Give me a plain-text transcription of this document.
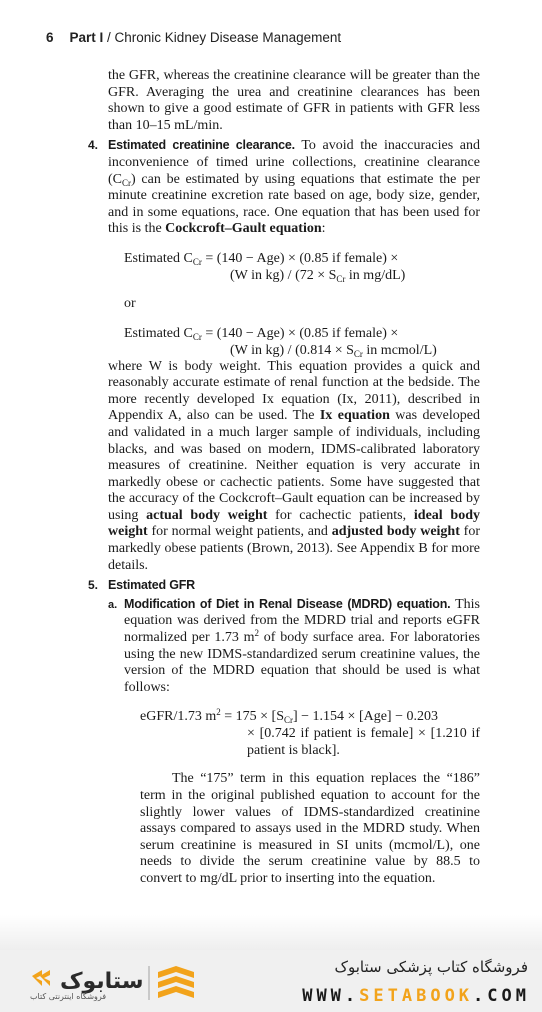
6 Part I / Chronic Kidney Disease Management

the GFR, whereas the creatinine clearance will be greater than the GFR. Averaging the urea and creatinine clearances has been shown to give a good estimate of GFR in patients with GFR less than 10–15 mL/min.

4. Estimated creatinine clearance. To avoid the inaccuracies and inconvenience of timed urine collections, creatinine clearance $(C_{Cr})$ can be estimated by using equations that estimate the per minute creatinine excretion rate based on age, body size, gender, and in some equations, race. One equation that has been used for this is the Cockcroft–Gault equation:

Estimated $C_{Cr} = (140 - Age) \times (0.85$ if female) ×
(W in $kg) / (72 \times S_{Cr}$ in mg/dL)
or
Estimated $C_{Cr} = (140 - Age) \times (0.85$ if female) ×
(W in $kg) / (0.814 \times S_{Cr}$ in mcmol/L)

where W is body weight. This equation provides a quick and reasonably accurate estimate of renal function at the bedside. The more recently developed Ix equation (Ix, 2011), described in Appendix A, also can be used. The Ix equation was developed and validated in a much larger sample of individuals, including blacks, and was based on modern, IDMS-calibrated laboratory measures of creatinine. Neither equation is very accurate in markedly obese or cachectic patients. Some have suggested that the accuracy of the Cockcroft–Gault equation can be increased by using actual body weight for cachectic patients, ideal body weight for normal weight patients, and adjusted body weight for markedly obese patients (Brown, 2013). See Appendix B for more details.

5. Estimated GFR
a. Modification of Diet in Renal Disease (MDRD) equation. This equation was derived from the MDRD trial and reports eGFR normalized per 1.73 $m^2$ of body surface area. For laboratories using the new IDMS-standardized serum creatinine values, the version of the MDRD equation that should be used is what follows:

eGFR/1.73 $m^2 = 175 \times [S_{Cr}] - 1.154 \times [Age] - 0.203$
× [0.742 if patient is female] × [1.210 if patient is black].

The “175” term in this equation replaces the “186” term in the original published equation to account for the slightly lower values of IDMS-standardized creatinine assays compared to assays used in the MDRD study. When serum creatinine is measured in SI units (mcmol/L), one needs to divide the serum creatinine value by 88.5 to convert to mg/dL prior to inserting into the equation.

ستابوک
فروشگاه اینترنتی کتاب
فروشگاه کتاب پزشکی ستابوک
WWW.SETABOOK.COM
